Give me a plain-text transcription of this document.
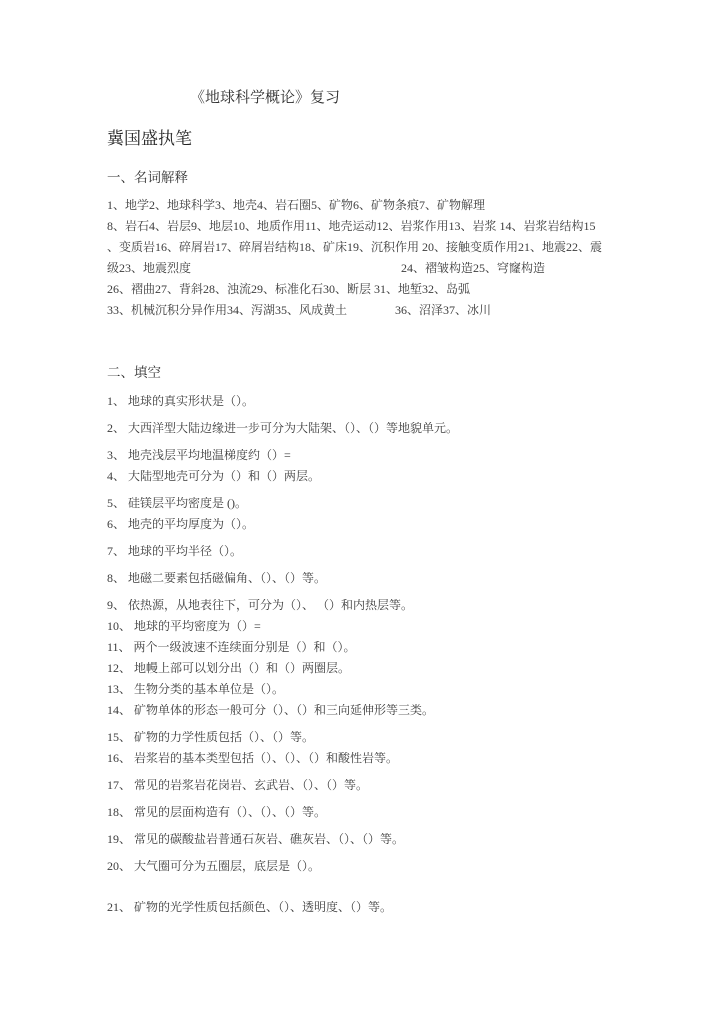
《地球科学概论》复习
冀国盛执笔
一、名词解释

1、地学2、地球科学3、地壳4、岩石圈5、矿物6、矿物条痕7、矿物解理

8、岩石4、岩层9、地层10、地质作用11、地壳运动12、岩浆作用13、岩浆 14、岩浆岩结构15

、变质岩16、碎屑岩17、碎屑岩结构18、矿床19、沉积作用 20、接触变质作用21、地震22、震

级23、地震烈度                                                                      24、褶皱构造25、穹窿构造

26、褶曲27、背斜28、浊流29、标准化石30、断层 31、地堑32、岛弧

33、机械沉积分异作用34、泻湖35、风成黄土                36、沼泽37、冰川

二、填空

1、 地球的真实形状是（）。

2、 大西洋型大陆边缘进一步可分为大陆架、（）、（）等地貌单元。

3、 地壳浅层平均地温梯度约（）=

4、 大陆型地壳可分为（）和（）两层。

5、 硅镁层平均密度是 ()。

6、 地壳的平均厚度为（）。

7、 地球的平均半径（）。

8、 地磁二要素包括磁偏角、（）、（）等。

9、 依热源，从地表往下，可分为（）、 （）和内热层等。

10、 地球的平均密度为（）=

11、 两个一级波速不连续面分别是（）和（）。

12、 地幔上部可以划分出（）和（）两圈层。

13、 生物分类的基本单位是（）。

14、 矿物单体的形态一般可分（）、（）和三向延伸形等三类。

15、 矿物的力学性质包括（）、（）等。

16、 岩浆岩的基本类型包括（）、（）、（）和酸性岩等。

17、 常见的岩浆岩花岗岩、玄武岩、（）、（）等。

18、 常见的层面构造有（）、（）、（）等。

19、 常见的碳酸盐岩普通石灰岩、礁灰岩、（）、（）等。

20、 大气圈可分为五圈层，底层是（）。

21、 矿物的光学性质包括颜色、（）、透明度、（）等。
